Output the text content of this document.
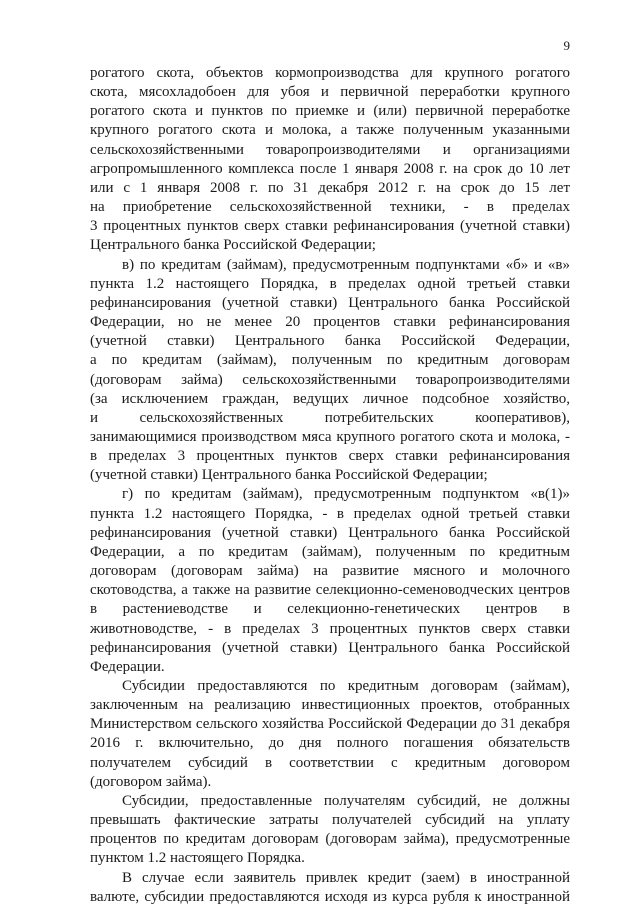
9
рогатого скота, объектов кормопроизводства для крупного рогатого
скота, мясохладобоен для убоя и первичной переработки крупного
рогатого скота и пунктов по приемке и (или) первичной переработке
крупного рогатого скота и молока, а также полученным указанными
сельскохозяйственными товаропроизводителями и организациями
агропромышленного комплекса после 1 января 2008 г. на срок до 10 лет
или с 1 января 2008 г. по 31 декабря 2012 г. на срок до 15 лет
на приобретение сельскохозяйственной техники, - в пределах
3 процентных пунктов сверх ставки рефинансирования (учетной ставки)
Центрального банка Российской Федерации;
в) по кредитам (займам), предусмотренным подпунктами «б» и «в»
пункта 1.2 настоящего Порядка, в пределах одной третьей ставки
рефинансирования (учетной ставки) Центрального банка Российской
Федерации, но не менее 20 процентов ставки рефинансирования
(учетной ставки) Центрального банка Российской Федерации,
а по кредитам (займам), полученным по кредитным договорам
(договорам займа) сельскохозяйственными товаропроизводителями
(за исключением граждан, ведущих личное подсобное хозяйство,
и сельскохозяйственных потребительских кооперативов),
занимающимися производством мяса крупного рогатого скота и молока, -
в пределах 3 процентных пунктов сверх ставки рефинансирования
(учетной ставки) Центрального банка Российской Федерации;
г) по кредитам (займам), предусмотренным подпунктом «в(1)»
пункта 1.2 настоящего Порядка, - в пределах одной третьей ставки
рефинансирования (учетной ставки) Центрального банка Российской
Федерации, а по кредитам (займам), полученным по кредитным
договорам (договорам займа) на развитие мясного и молочного
скотоводства, а также на развитие селекционно-семеноводческих центров
в растениеводстве и селекционно-генетических центров в
животноводстве, - в пределах 3 процентных пунктов сверх ставки
рефинансирования (учетной ставки) Центрального банка Российской
Федерации.
Субсидии предоставляются по кредитным договорам (займам),
заключенным на реализацию инвестиционных проектов, отобранных
Министерством сельского хозяйства Российской Федерации до 31 декабря
2016 г. включительно, до дня полного погашения обязательств
получателем субсидий в соответствии с кредитным договором
(договором займа).
Субсидии, предоставленные получателям субсидий, не должны
превышать фактические затраты получателей субсидий на уплату
процентов по кредитам договорам (договорам займа), предусмотренные
пунктом 1.2 настоящего Порядка.
В случае если заявитель привлек кредит (заем) в иностранной
валюте, субсидии предоставляются исходя из курса рубля к иностранной
